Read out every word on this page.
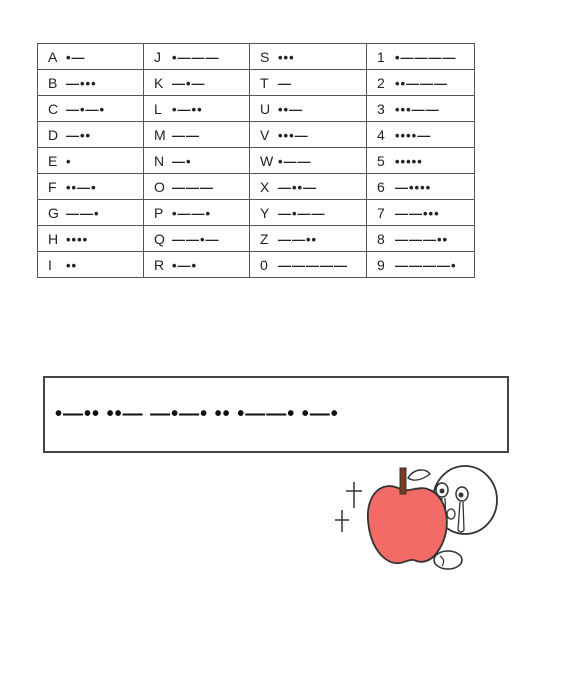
A •—	J •———	S •••	1 •————
B —•••	K —•—	T —	2 ••———
C —•—•	L •—••	U ••—	3 •••——
D —••	M ——	V •••—	4 ••••—
E •	N —•	W •——	5 •••••
F ••—•	O ———	X —••—	6 —••••
G ——•	P •——•	Y —•——	7 ——•••
H ••••	Q ——•—	Z ——••	8 ———••
I ••	R •—•	0 —————	9 ————•
•—•• ••— —•—• •• •——• •—•
